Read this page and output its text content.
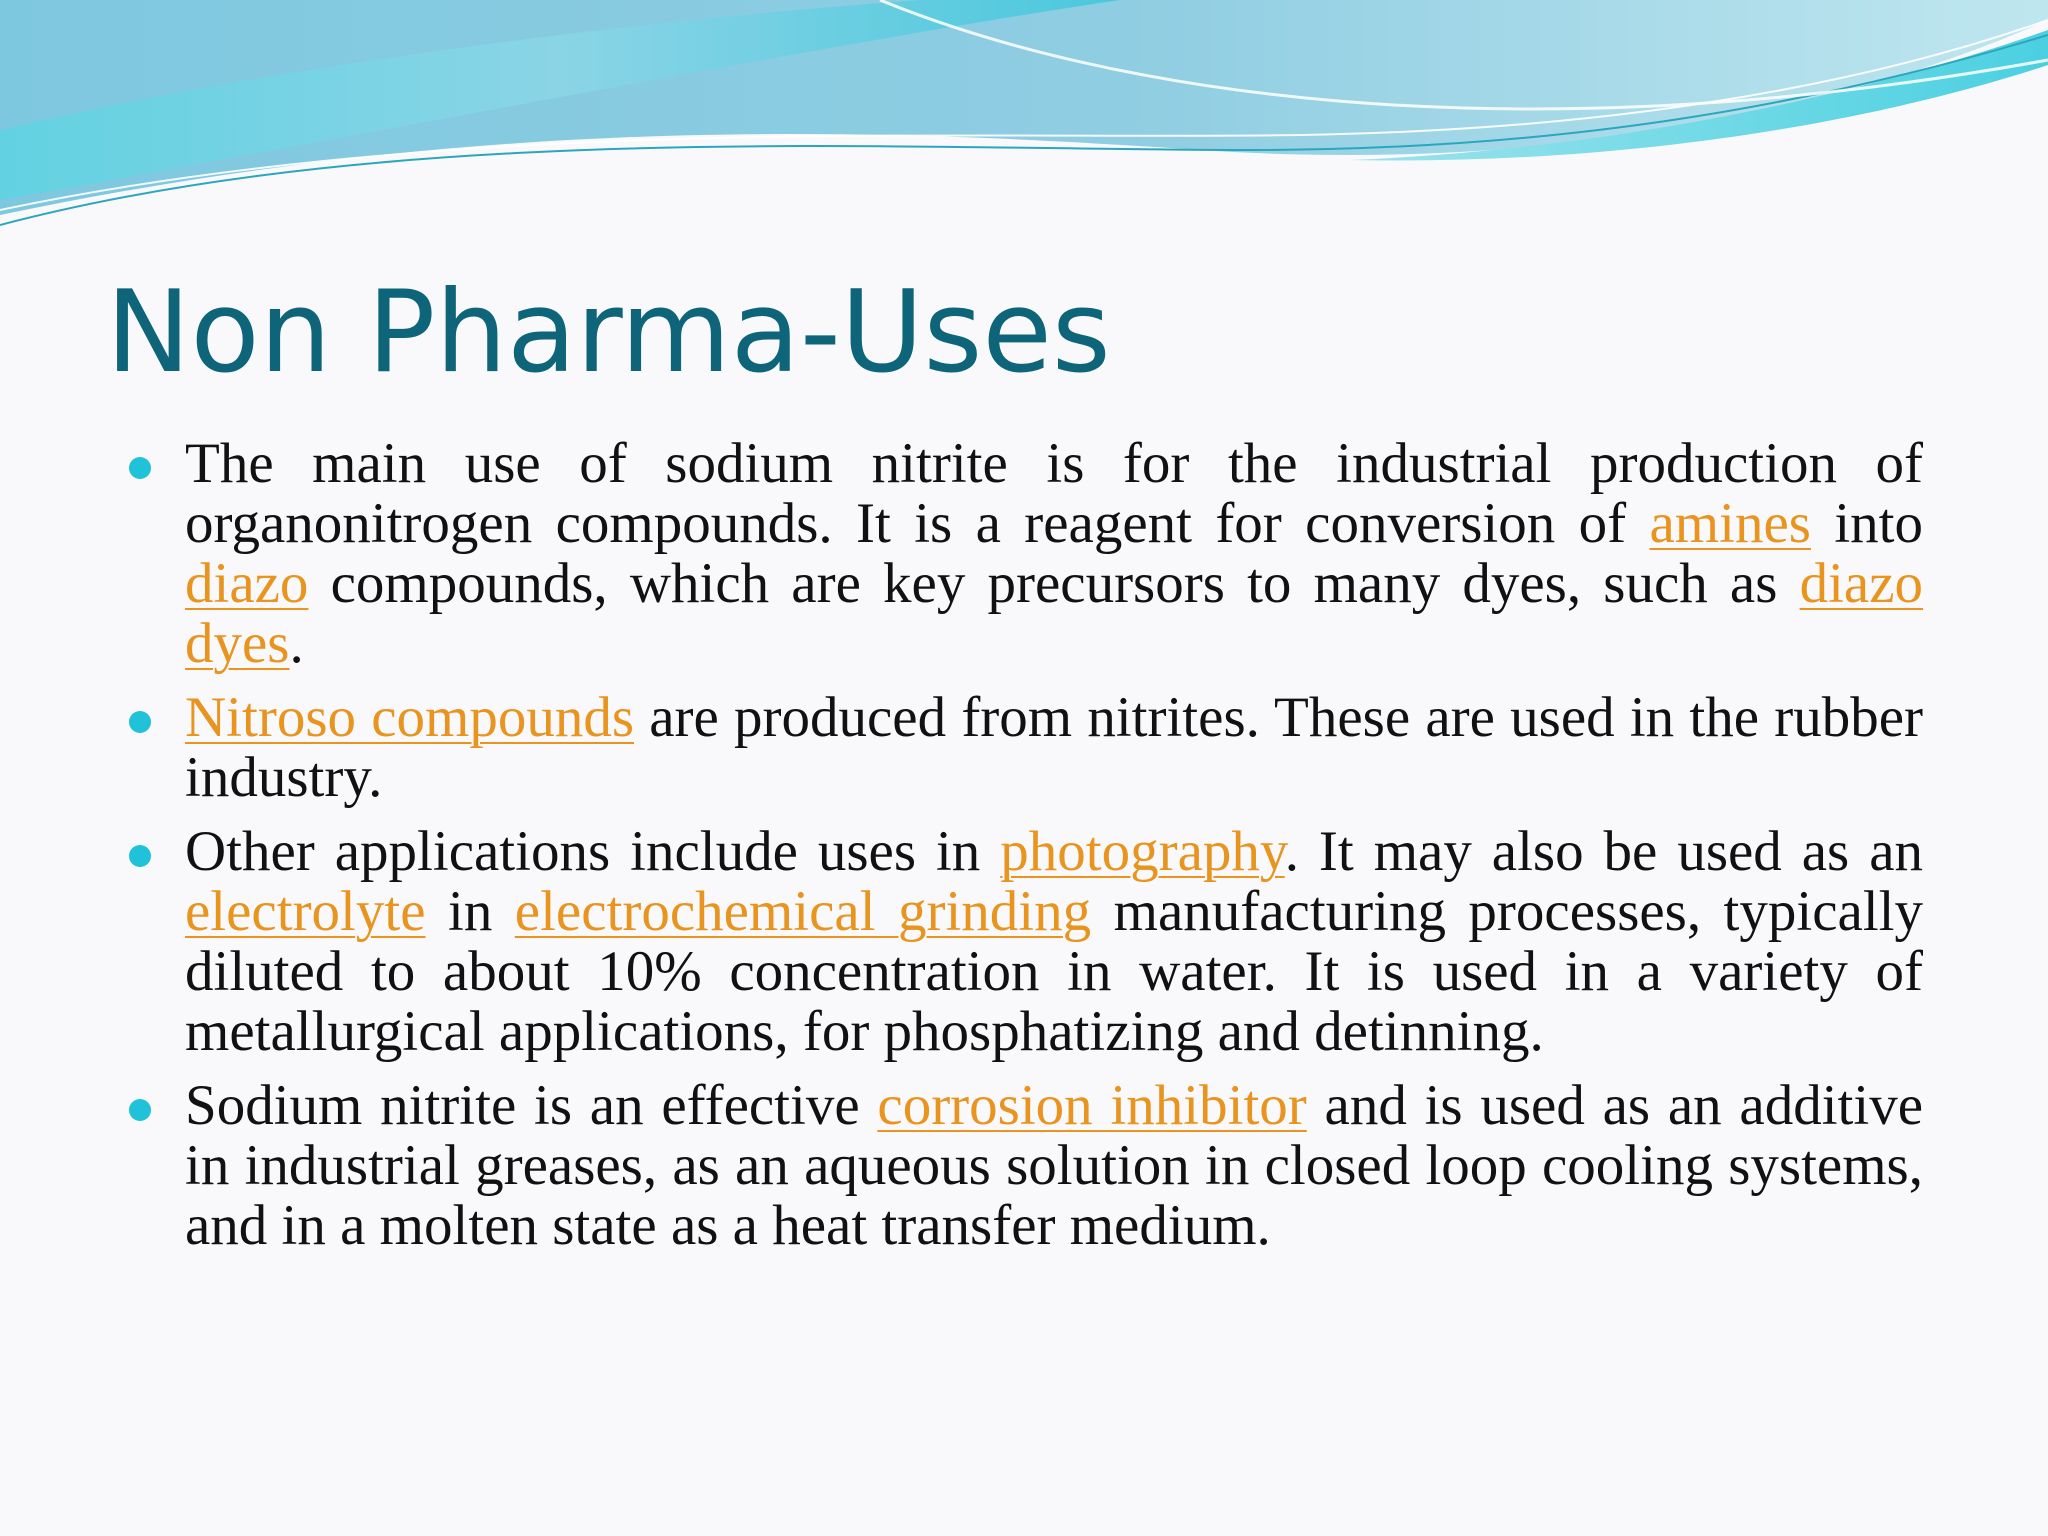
Non Pharma-Uses
The main use of sodium nitrite is for the industrial production of organonitrogen compounds. It is a reagent for conversion of amines into diazo compounds, which are key precursors to many dyes, such as diazo dyes.
Nitroso compounds are produced from nitrites. These are used in the rubber industry.
Other applications include uses in photography. It may also be used as an electrolyte in electrochemical grinding manufacturing processes, typically diluted to about 10% concentration in water. It is used in a variety of metallurgical applications, for phosphatizing and detinning.
Sodium nitrite is an effective corrosion inhibitor and is used as an additive in industrial greases, as an aqueous solution in closed loop cooling systems, and in a molten state as a heat transfer medium.
